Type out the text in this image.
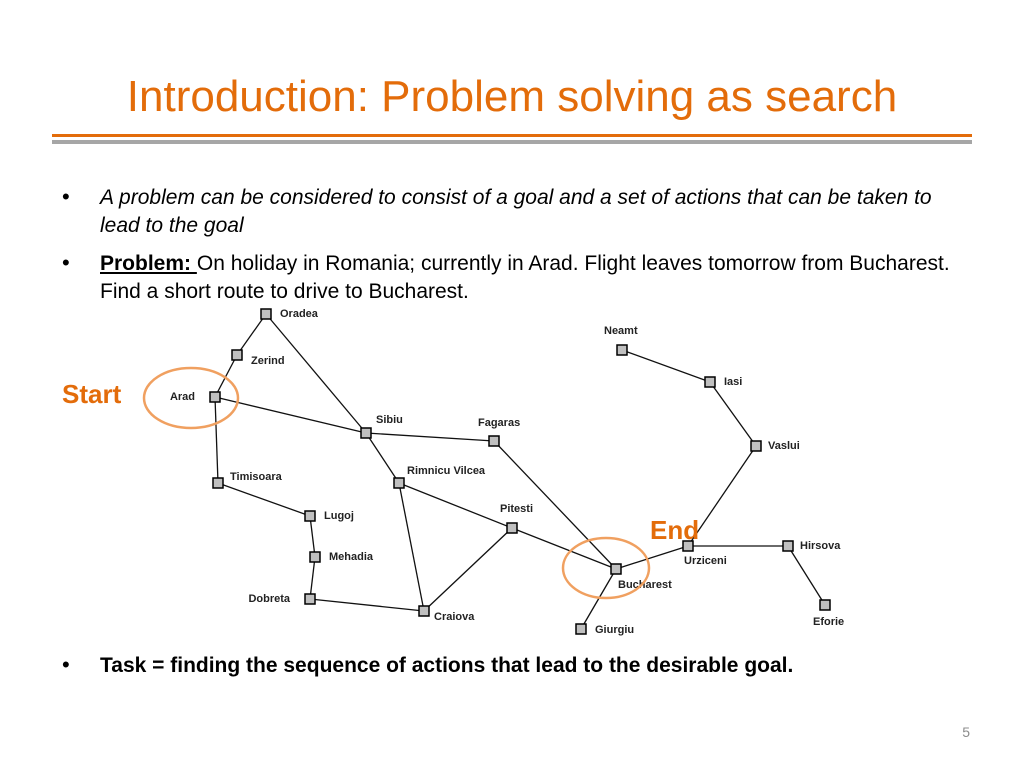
Introduction: Problem solving as search
• A problem can be considered to consist of a goal and a set of actions that can be taken to lead to the goal
• Problem: On holiday in Romania; currently in Arad. Flight leaves tomorrow from Bucharest. Find a short route to drive to Bucharest.
Oradea
Zerind
Arad
Timisoara
Lugoj
Mehadia
Dobreta
Craiova
Sibiu
Rimnicu Vilcea
Fagaras
Pitesti
Bucharest
Giurgiu
Urziceni
Hirsova
Eforie
Vaslui
Iasi
Neamt
Start
End
• Task = finding the sequence of actions that lead to the desirable goal.
5
